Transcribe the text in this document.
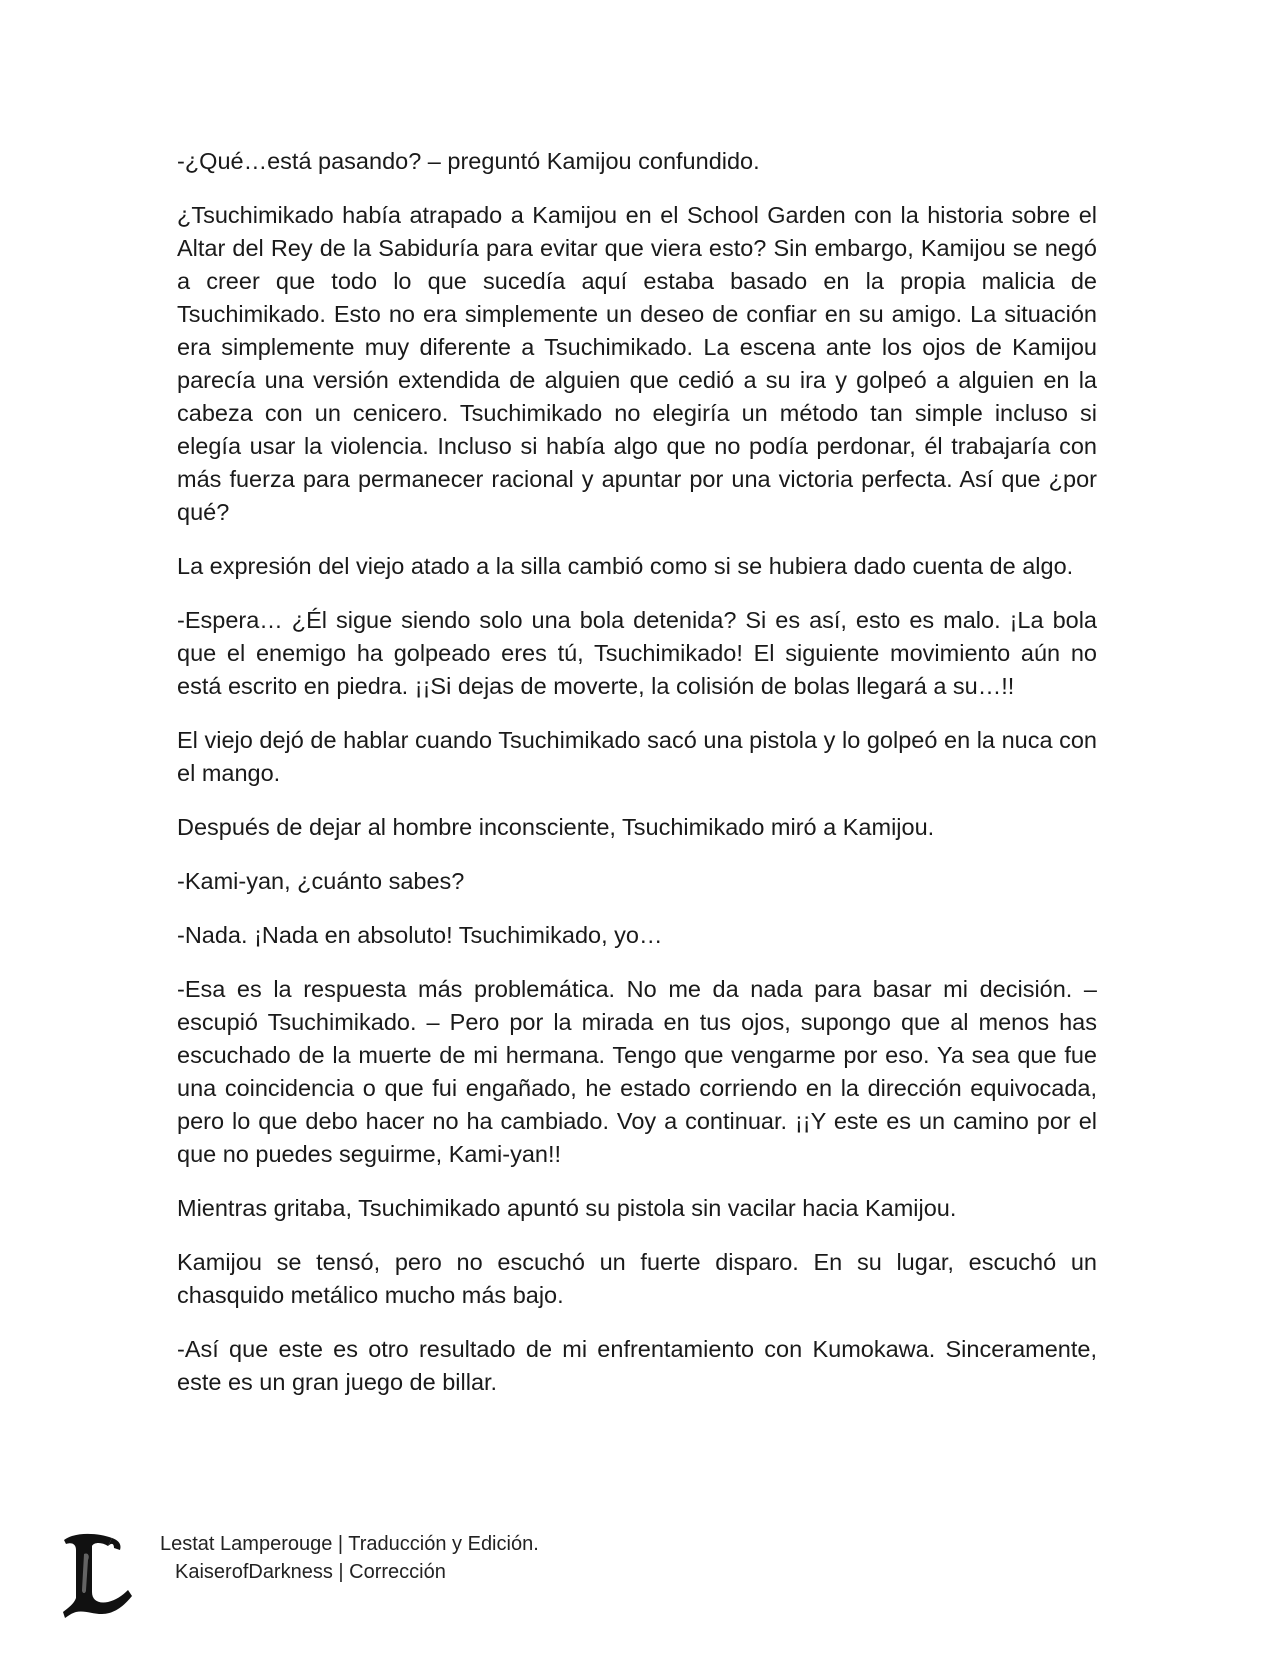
-¿Qué…está pasando? – preguntó Kamijou confundido.

¿Tsuchimikado había atrapado a Kamijou en el School Garden con la historia sobre el Altar del Rey de la Sabiduría para evitar que viera esto? Sin embargo, Kamijou se negó a creer que todo lo que sucedía aquí estaba basado en la propia malicia de Tsuchimikado. Esto no era simplemente un deseo de confiar en su amigo. La situación era simplemente muy diferente a Tsuchimikado. La escena ante los ojos de Kamijou parecía una versión extendida de alguien que cedió a su ira y golpeó a alguien en la cabeza con un cenicero. Tsuchimikado no elegiría un método tan simple incluso si elegía usar la violencia. Incluso si había algo que no podía perdonar, él trabajaría con más fuerza para permanecer racional y apuntar por una victoria perfecta. Así que ¿por qué?

La expresión del viejo atado a la silla cambió como si se hubiera dado cuenta de algo.

-Espera… ¿Él sigue siendo solo una bola detenida? Si es así, esto es malo. ¡La bola que el enemigo ha golpeado eres tú, Tsuchimikado! El siguiente movimiento aún no está escrito en piedra. ¡¡Si dejas de moverte, la colisión de bolas llegará a su…!!

El viejo dejó de hablar cuando Tsuchimikado sacó una pistola y lo golpeó en la nuca con el mango.

Después de dejar al hombre inconsciente, Tsuchimikado miró a Kamijou.

-Kami-yan, ¿cuánto sabes?

-Nada. ¡Nada en absoluto! Tsuchimikado, yo…

-Esa es la respuesta más problemática. No me da nada para basar mi decisión. – escupió Tsuchimikado. – Pero por la mirada en tus ojos, supongo que al menos has escuchado de la muerte de mi hermana. Tengo que vengarme por eso. Ya sea que fue una coincidencia o que fui engañado, he estado corriendo en la dirección equivocada, pero lo que debo hacer no ha cambiado. Voy a continuar. ¡¡Y este es un camino por el que no puedes seguirme, Kami-yan!!

Mientras gritaba, Tsuchimikado apuntó su pistola sin vacilar hacia Kamijou.

Kamijou se tensó, pero no escuchó un fuerte disparo. En su lugar, escuchó un chasquido metálico mucho más bajo.

-Así que este es otro resultado de mi enfrentamiento con Kumokawa. Sinceramente, este es un gran juego de billar.

Lestat Lamperouge | Traducción y Edición.
KaiserofDarkness | Corrección
